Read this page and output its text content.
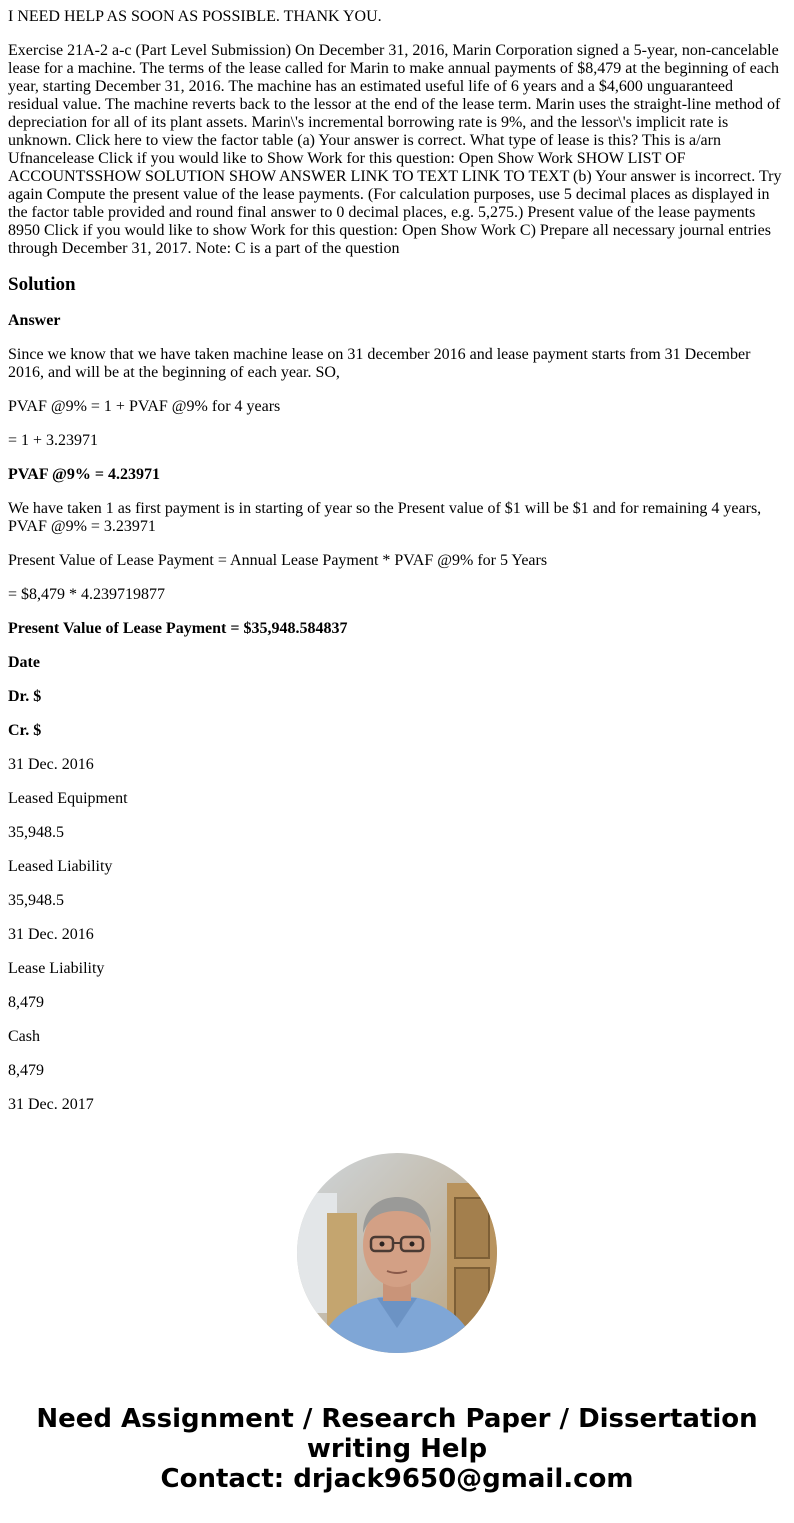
I NEED HELP AS SOON AS POSSIBLE. THANK YOU.

Exercise 21A-2 a-c (Part Level Submission) On December 31, 2016, Marin Corporation signed a 5-year, non-cancelable lease for a machine. The terms of the lease called for Marin to make annual payments of $8,479 at the beginning of each year, starting December 31, 2016. The machine has an estimated useful life of 6 years and a $4,600 unguaranteed residual value. The machine reverts back to the lessor at the end of the lease term. Marin uses the straight-line method of depreciation for all of its plant assets. Marin\'s incremental borrowing rate is 9%, and the lessor\'s implicit rate is unknown. Click here to view the factor table (a) Your answer is correct. What type of lease is this? This is a/arn Ufnancelease Click if you would like to Show Work for this question: Open Show Work SHOW LIST OF ACCOUNTSSHOW SOLUTION SHOW ANSWER LINK TO TEXT LINK TO TEXT (b) Your answer is incorrect. Try again Compute the present value of the lease payments. (For calculation purposes, use 5 decimal places as displayed in the factor table provided and round final answer to 0 decimal places, e.g. 5,275.) Present value of the lease payments 8950 Click if you would like to show Work for this question: Open Show Work C) Prepare all necessary journal entries through December 31, 2017. Note: C is a part of the question

Solution

Answer

Since we know that we have taken machine lease on 31 december 2016 and lease payment starts from 31 December 2016, and will be at the beginning of each year. SO,

PVAF @9% = 1 + PVAF @9% for 4 years

= 1 + 3.23971

PVAF @9% = 4.23971

We have taken 1 as first payment is in starting of year so the Present value of $1 will be $1 and for remaining 4 years, PVAF @9% = 3.23971

Present Value of Lease Payment = Annual Lease Payment * PVAF @9% for 5 Years

= $8,479 * 4.239719877

Present Value of Lease Payment = $35,948.584837

Date

Dr. $

Cr. $

31 Dec. 2016

Leased Equipment

35,948.5

Leased Liability

35,948.5

31 Dec. 2016

Lease Liability

8,479

Cash

8,479

31 Dec. 2017

Need Assignment / Research Paper / Dissertation
writing Help
Contact: drjack9650@gmail.com
